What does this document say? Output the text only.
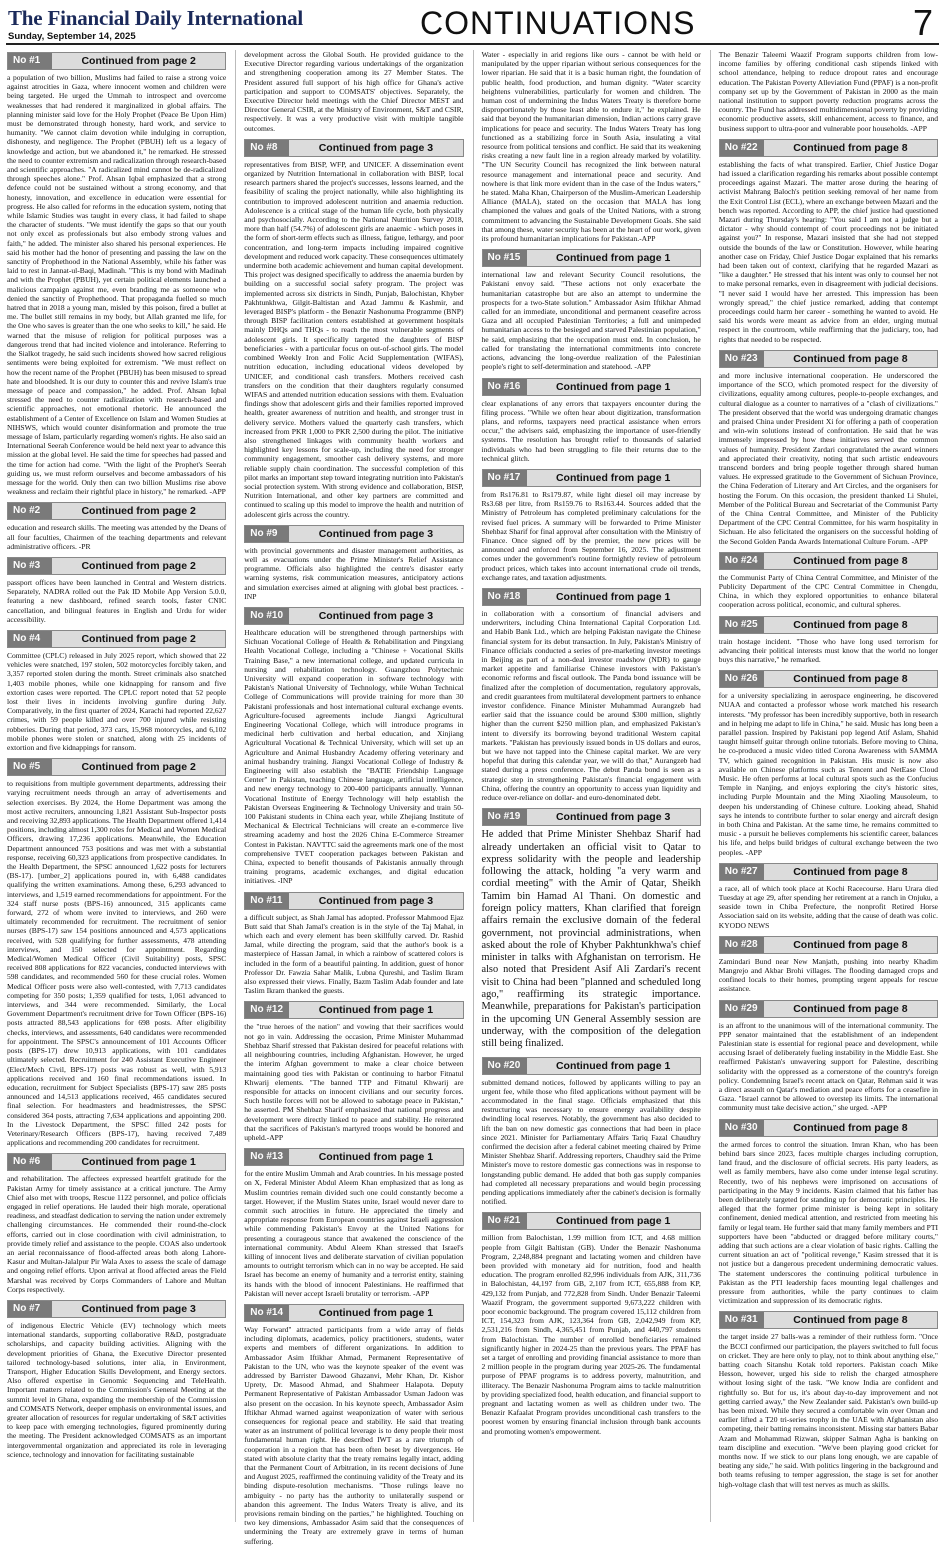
The Financial Daily International
Sunday, September 14, 2025	CONTINUATIONS	7
No #1	Continued from page 2

a population of two billion, Muslims had failed to raise a strong voice against atrocities in Gaza, where innocent women and children were being targeted. He urged the Ummah to introspect and overcome weaknesses that had rendered it marginalized in global affairs. The planning minister said love for the Holy Prophet (Peace Be Upon Him) must be demonstrated through honesty, hard work, and service to humanity. "We cannot claim devotion while indulging in corruption, dishonesty, and negligence. The Prophet (PBUH) left us a legacy of knowledge and action, but we abandoned it," he remarked. He stressed the need to counter extremism and radicalization through research-based and scientific approaches. "A radicalized mind cannot be de-radicalized through speeches alone." Prof. Ahsan Iqbal emphasized that a strong defence could not be sustained without a strong economy, and that honesty, innovation, and excellence in education were essential for progress. He also called for reforms in the education system, noting that while Islamic Studies was taught in every class, it had failed to shape the character of students. "We must identify the gaps so that our youth not only excel as professionals but also embody strong values and faith," he added. The minister also shared his personal experiences. He said his mother had the honor of presenting and passing the law on the sanctity of Prophethood in the National Assembly, while his father was laid to rest in Jannat-ul-Baqi, Madinah. "This is my bond with Madinah and with the Prophet (PBUH), yet certain political elements launched a malicious campaign against me, even branding me as someone who denied the sanctity of Prophethood. That propaganda fuelled so much hatred that in 2018 a young man, misled by this poison, fired a bullet at me. The bullet still remains in my body, but Allah granted me life, for the One who saves is greater than the one who seeks to kill," he said. He warned that the misuse of religion for political purposes was a dangerous trend that had incited violence and intolerance. Referring to the Sialkot tragedy, he said such incidents showed how sacred religious sentiments were being exploited for extremism. "We must reflect on how the recent name of the Prophet (PBUH) has been misused to spread hate and bloodshed. It is our duty to counter this and revive Islam's true message of peace and compassion," he added. Prof. Ahsan Iqbal stressed the need to counter radicalization with research-based and scientific approaches, not emotional rhetoric. He announced the establishment of a Center of Excellence on Islam and Women Studies at NIHSWS, which would counter disinformation and promote the true message of Islam, particularly regarding women's rights. He also said an International Seerah Conference would be held next year to advance this mission at the global level. He said the time for speeches had passed and the time for action had come. "With the light of the Prophet's Seerah guiding us, we must reform ourselves and become ambassadors of his message for the world. Only then can two billion Muslims rise above weakness and reclaim their rightful place in history," he remarked. -APP

No #2	Continued from page 2

education and research skills. The meeting was attended by the Deans of all four faculties, Chairmen of the teaching departments and relevant administrative officers. -PR

No #3	Continued from page 2

passport offices have been launched in Central and Western districts. Separately, NADRA rolled out the Pak ID Mobile App Version 5.0.0, featuring a new dashboard, refined search tools, faster CNIC cancellation, and bilingual features in English and Urdu for wider accessibility.

No #4	Continued from page 2

Committee (CPLC) released in July 2025 report, which showed that 22 vehicles were snatched, 197 stolen, 502 motorcycles forcibly taken, and 3,357 reported stolen during the month. Street criminals also snatched 1,403 mobile phones, while one kidnapping for ransom and five extortion cases were reported. The CPLC report noted that 52 people lost their lives in incidents involving gunfire during July. Comparatively, in the first quarter of 2024, Karachi had reported 22,627 crimes, with 59 people killed and over 700 injured while resisting robberies. During that period, 373 cars, 15,968 motorcycles, and 6,102 mobile phones were stolen or snatched, along with 25 incidents of extortion and five kidnappings for ransom.

No #5	Continued from page 2

to requisitions from multiple government departments, addressing their varying recruitment needs through an array of advertisements and selection exercises. By 2024, the Home Department was among the most active recruiters, announcing 1,821 Assistant Sub-Inspector posts and receiving 32,893 applications. The Health Department offered 1,414 positions, including almost 1,300 roles for Medical and Women Medical Officers, drawing 17,236 applications. Meanwhile, the Education Department announced 753 positions and was met with a substantial response, receiving 60,323 applications from prospective candidates. In the Health Department, the SPSC announced 1,622 posts for lecturers (BS-17). [umber_2] applications poured in, with 6,488 candidates qualifying the written examinations. Among these, 6,293 advanced to interviews, and 1,519 earned recommendations for appointment. For the 324 staff nurse posts (BPS-16) announced, 315 applicants came forward, 272 of whom were invited to interviews, and 260 were ultimately recommended for recruitment. The recruitment of senior nurses (BPS-17) saw 154 positions announced and 4,573 applications received, with 528 qualifying for further assessments, 478 attending interviews, and 150 selected for appointment. Regarding Medical/Women Medical Officer (Civil Suitability) posts, SPSC received 808 applications for 822 vacancies, conducted interviews with 598 candidates, and recommended 560 for these crucial roles. Women Medical Officer posts were also well-contested, with 7,713 candidates competing for 350 posts; 1,359 qualified for tests, 1,061 advanced to interviews, and 344 were recommended. Similarly, the Local Government Department's recruitment drive for Town Officer (BPS-16) posts attracted 88,543 applications for 698 posts. After eligibility checks, interviews, and assessments, 640 candidates were recommended for appointment. The SPSC's announcement of 101 Accounts Officer posts (BPS-17) drew 10,913 applications, with 101 candidates ultimately selected. Recruitment for 240 Assistant Executive Engineer (Elect/Mech Civil, BPS-17) posts was robust as well, with 5,913 applications received and 160 final recommendations issued. In education, recruitment for Subject Specialists (BPS-17) saw 285 posts announced and 14,513 applications received, 465 candidates secured final selection. For headmasters and headmistresses, the SPSC considered 364 posts, attracting 7,634 applications and appointing 200. In the Livestock Department, the SPSC filled 242 posts for Veterinary/Research Officers (BPS-17), having received 7,489 applications and recommending 200 candidates for recruitment.

No #6	Continued from page 1

and rehabilitation. The affectees expressed heartfelt gratitude for the Pakistan Army for timely assistance at a critical juncture. The Army Chief also met with troops, Rescue 1122 personnel, and police officials engaged in relief operations. He lauded their high morale, operational readiness, and steadfast dedication to serving the nation under extremely challenging circumstances. He commended their round-the-clock efforts, carried out in close coordination with civil administration, to provide timely relief and assistance to the people. COAS also undertook an aerial reconnaissance of flood-affected areas both along Lahore-Kasur and Multan-Jalalpur Pir Wala Axes to assess the scale of damage and ongoing relief efforts. Upon arrival at flood affected areas the Field Marshal was received by Corps Commanders of Lahore and Multan Corps respectively.

No #7	Continued from page 3

of indigenous Electric Vehicle (EV) technology which meets international standards, supporting collaborative R&D, postgraduate scholarships, and capacity building activities. Aligning with the development priorities of Ghana, the Executive Director presented tailored technology-based solutions, inter alia, in Environment, Transport, Higher Education Skills Development, and Energy sectors. Also offered expertise in Genomic Sequencing and TeleHealth. Important matters related to the Commission's General Meeting at the summit level in Ghana, expanding the membership of the Commission and COMSATS Network, deeper emphasis on environmental issues, and greater allocation of resources for regular undertaking of S&T activities to keep pace with emerging technologies, figured prominently during the meeting. The President acknowledged COMSATS as an important intergovernmental organization and appreciated its role in leveraging science, technology and innovation for facilitating sustainable

development across the Global South. He provided guidance to the Executive Director regarding various undertakings of the organization and strengthening cooperation among its 27 Member States. The President assured full support of his high office for Ghana's active participation and support to COMSATS' objectives. Separately, the Executive Director held meetings with the Chief Director MEST and Director General CSIR, at the Ministry of Environment, S&T and CSIR, respectively. It was a very productive visit with multiple tangible outcomes.

No #8	Continued from page 3

representatives from BISP, WFP, and UNICEF. A dissemination event organized by Nutrition International in collaboration with BISP, local research partners shared the project's successes, lessons learned, and the feasibility of scaling the project nationally, while also highlighting its contribution to improved adolescent nutrition and anaemia reduction. Adolescence is a critical stage of the human life cycle, both physically and psychosocially. According to the National Nutrition Survey 2018, more than half (54.7%) of adolescent girls are anaemic - which poses in the form of short-term effects such as illness, fatigue, lethargy, and poor concentration, and long-term impacts including impaired cognitive development and reduced work capacity. These consequences ultimately undermine both academic achievement and human capital development. This project was designed specifically to address the anaemia burden by building on a successful social safety program. The project was implemented across six districts in Sindh, Punjab, Balochistan, Khyber Pakhtunkhwa, Gilgit-Baltistan and Azad Jammu & Kashmir, and leveraged BISP's platform - the Benazir Nashonuma Programme (BNP) through BISP facilitation centers established at government hospitals mainly DHQs and THQs - to reach the most vulnerable segments of adolescent girls. It specifically targeted the daughters of BISP beneficiaries - with a particular focus on out-of-school girls. The model combined Weekly Iron and Folic Acid Supplementation (WIFAS), nutrition education, including educational videos developed by UNICEF, and conditional cash transfers. Mothers received cash transfers on the condition that their daughters regularly consumed WIFAS and attended nutrition education sessions with them. Evaluation findings show that adolescent girls and their families reported improved health, greater awareness of nutrition and health, and stronger trust in delivery service. Mothers valued the quarterly cash transfers, which increased from PKR 1,000 to PKR 2,500 during the pilot. The initiative also strengthened linkages with community health workers and highlighted key lessons for scale-up, including the need for stronger community engagement, smoother cash delivery systems, and more reliable supply chain coordination. The successful completion of this pilot marks an important step toward integrating nutrition into Pakistan's social protection system. With strong evidence and collaboration, BISP, Nutrition International, and other key partners are committed and continued to scaling up this model to improve the health and nutrition of adolescent girls across the country.

No #9	Continued from page 3

with provincial governments and disaster management authorities, as well as evacuations under the Prime Minister's Relief Assistance programme. Officials also highlighted the centre's disaster early warning systems, risk communication measures, anticipatory actions and simulation exercises aimed at aligning with global best practices. -INP

No #10	Continued from page 3

Healthcare education will be strengthened through partnerships with Sichuan Vocational College of Health & Rehabilitation and Pingxiang Health Vocational College, including a "Chinese + Vocational Skills Training Base," a new international college, and updated curricula in nursing and rehabilitation technology. Guangzhou Polytechnic University will expand cooperation in software technology with Pakistan's National University of Technology, while Wuhan Technical College of Communications will provide training for more than 30 Pakistani professionals and host international cultural exchange events. Agriculture-focused agreements include Jiangxi Agricultural Engineering Vocational College, which will introduce programs in medicinal herb cultivation and herbal education, and Xinjiang Agricultural Vocational & Technical University, which will set up an Agriculture and Animal Husbandry Academy offering veterinary and animal husbandry training. Jiangxi Vocational College of Industry & Engineering will also establish the "BATIE Friendship Language Center" in Pakistan, teaching Chinese language, artificial intelligence, and new energy technology to 200-400 participants annually. Yunnan Vocational Institute of Energy Technology will help establish the Pakistan Overseas Engineering & Technology University and train 50-100 Pakistani students in China each year, while Zhejiang Institute of Mechanical & Electrical Technicians will create an e-commerce live streaming academy and host the 2026 China E-Commerce Streamer Contest in Pakistan. NAVTTC said the agreements mark one of the most comprehensive TVET cooperation packages between Pakistan and China, expected to benefit thousands of Pakistanis annually through training programs, academic exchanges, and digital education initiatives. -INP

No #11	Continued from page 3

a difficult subject, as Shah Jamal has adopted. Professor Mahmood Ejaz Butt said that Shah Jamal's creation is in the style of the Taj Mahal, in which each and every element has been skillfully carved. Dr. Rashid Jamal, while directing the program, said that the author's book is a masterpiece of Hassan Jamal, in which a rainbow of scattered colors is included in the form of a beautiful painting. In addition, guest of honor Professor Dr. Fawzia Sahar Malik, Lubna Qureshi, and Taslim Ikram also expressed their views. Finally, Bazm Taslim Adab founder and late Taslim Ikram thanked the guests.

No #12	Continued from page 1

the "true heroes of the nation" and vowing that their sacrifices would not go in vain. Addressing the occasion, Prime Minister Muhammad Shehbaz Sharif stressed that Pakistan desired for peaceful relations with all neighbouring countries, including Afghanistan. However, he urged the interim Afghan government to make a clear choice between maintaining good ties with Pakistan or continuing to harbor Fitnatul Khwarij elements. "The banned TTP and Fitnatul Khwarij are responsible for attacks on innocent civilians and our security forces. Such hostile forces will not be allowed to sabotage peace in Pakistan," he asserted. PM Shehbaz Sharif emphasized that national progress and development were directly linked to peace and stability. He reiterated that the sacrifices of Pakistan's martyred troops would be honored and upheld.-APP

No #13	Continued from page 1

for the entire Muslim Ummah and Arab countries. In his message posted on X, Federal Minister Abdul Aleem Khan emphasized that as long as Muslim countries remain divided such one could constantly become a target. However, if the Muslim States unite, Israel would never dare to commit such atrocities in future. He appreciated the timely and appropriate response from European countries against Israeli aggression while commending Pakistan's Envoy at the United Nations for presenting a courageous stance that awakened the conscience of the international community. Abdul Aleem Khan stressed that Israel's killing of innocent lives and deliberate starvation of civilian population amounts to outright terrorism which can in no way be accepted. He said Israel has become an enemy of humanity and a terrorist entity, staining its hands with the blood of innocent Palestinians. He reaffirmed that Pakistan will never accept Israeli brutality or terrorism. -APP

No #14	Continued from page 1

Way Forward" attracted participants from a wide array of fields including diplomats, academics, policy practitioners, students, water experts and members of different organizations. In addition to Ambassador Asim Iftikhar Ahmad, Permanent Representative of Pakistan to the UN, who was the keynote speaker of the event was addressed by Barrister Dawood Ghazanvi, Mehr Khan, Dr. Kishor Uprety, Dr. Masood Ahmad, and Shahmeer Halapota. Deputy Permanent Representative of Pakistan Ambassador Usman Jadoon was also present on the occasion. In his keynote speech, Ambassador Asim Iftikhar Ahmad warned against weaponization of water with serious consequences for regional peace and stability. He said that treating water as an instrument of political leverage is to deny people their most fundamental human right. He described IWT as a rare triumph of cooperation in a region that has been often beset by divergences. He stated with absolute clarity that the treaty remains legally intact, adding that the Permanent Court of Arbitration, in its recent decisions of June and August 2025, reaffirmed the continuing validity of the Treaty and its binding dispute-resolution mechanisms. "Those rulings leave no ambiguity - no party has the authority to unilaterally suspend or abandon this agreement. The Indus Waters Treaty is alive, and its provisions remain binding on the parties," he highlighted. Touching on two key dimensions, Ambassador Asim said that the consequences of undermining the Treaty are extremely grave in terms of human suffering.

Water - especially in arid regions like ours - cannot be with held or manipulated by the upper riparian without serious consequences for the lower riparian. He said that it is a basic human right, the foundation of public health, food production, and human dignity. "Water scarcity heightens vulnerabilities, particularly for women and children. The human cost of undermining the Indus Waters Treaty is therefore borne disproportionately by those least able to endure it," he explained. He said that beyond the humanitarian dimension, Indian actions carry grave implications for peace and security. The Indus Waters Treaty has long functioned as a stabilizing force in South Asia, insulating a vital resource from political tensions and conflict. He said that its weakening risks creating a new fault line in a region already marked by volatility. "The UN Security Council has recognized the link between natural resource management and international peace and security. And nowhere is that link more evident than in the case of the Indus waters," he stated. Maha Khan, Chairperson of the Muslim-American Leadership Alliance (MALA), stated on the occasion that MALA has long championed the values and goals of the United Nations, with a strong commitment to advancing the Sustainable Development Goals. She said that among these, water security has been at the heart of our work, given its profound humanitarian implications for Pakistan.-APP

No #15	Continued from page 1

international law and relevant Security Council resolutions, the Pakistani envoy said. "These actions not only exacerbate the humanitarian catastrophe but are also an attempt to undermine the prospects for a two-State solution." Ambassador Asim Iftikhar Ahmad called for an immediate, unconditional and permanent ceasefire across Gaza and all occupied Palestinian Territories; a full and unimpeded humanitarian access to the besieged and starved Palestinian population," he said, emphasizing that the occupation must end. In conclusion, he called for translating the international commitments into concrete actions, advancing the long-overdue realization of the Palestinian people's right to self-determination and statehood. -APP

No #16	Continued from page 1

clear explanations of any errors that taxpayers encounter during the filing process. "While we often hear about digitization, transformation plans, and reforms, taxpayers need practical assistance when errors occur," the advisers said, emphasizing the importance of user-friendly systems. The resolution has brought relief to thousands of salaried individuals who had been struggling to file their returns due to the technical glitch.

No #17	Continued from page 1

from Rs176.81 to Rs179.87, while light diesel oil may increase by Rs3.68 per litre, from Rs159.76 to Rs163.44. Sources added that the Ministry of Petroleum has completed preliminary calculations for the revised fuel prices. A summary will be forwarded to Prime Minister Shehbaz Sharif for final approval after consultation with the Ministry of Finance. Once signed off by the premier, the new prices will be announced and enforced from September 16, 2025. The adjustment comes under the government's routine fortnightly review of petroleum product prices, which takes into account international crude oil trends, exchange rates, and taxation adjustments.

No #18	Continued from page 1

in collaboration with a consortium of financial advisers and underwriters, including China International Capital Corporation Ltd. and Habib Bank Ltd., which are helping Pakistan navigate the Chinese financial system for its debut transaction. In July, Pakistan's Ministry of Finance officials conducted a series of pre-marketing investor meetings in Beijing as part of a non-deal investor roadshow (NDR) to gauge market appetite and familiarise Chinese investors with Pakistan's economic reforms and fiscal outlook. The Panda bond issuance will be finalized after the completion of documentation, regulatory approvals, and credit guarantees from multilateral development partners to enhance investor confidence. Finance Minister Muhammad Aurangzeb had earlier said that the issuance could be around $300 million, slightly higher than the current $250 million plan, and emphasized Pakistan's intent to diversify its borrowing beyond traditional Western capital markets. "Pakistan has previously issued bonds in US dollars and euros, but we have not tapped into the Chinese capital market. We are very hopeful that during this calendar year, we will do that," Aurangzeb had stated during a press conference. The debut Panda bond is seen as a strategic step in strengthening Pakistan's financial engagement with China, offering the country an opportunity to access yuan liquidity and reduce over-reliance on dollar- and euro-denominated debt.

No #19	Continued from page 3

He added that Prime Minister Shehbaz Sharif had already undertaken an official visit to Qatar to express solidarity with the people and leadership following the attack, holding "a very warm and cordial meeting" with the Amir of Qatar, Sheikh Tamim bin Hamad Al Thani. On domestic and foreign policy matters, Khan clarified that foreign affairs remain the exclusive domain of the federal government, not provincial administrations, when asked about the role of Khyber Pakhtunkhwa's chief minister in talks with Afghanistan on terrorism. He also noted that President Asif Ali Zardari's recent visit to China had been "planned and scheduled long ago," reaffirming its strategic importance. Meanwhile, preparations for Pakistan's participation in the upcoming UN General Assembly session are underway, with the composition of the delegation still being finalized.

No #20	Continued from page 1

submitted demand notices, followed by applicants willing to pay an urgent fee, while those who filed applications without payment will be accommodated in the final stage. Officials emphasized that this restructuring was necessary to ensure energy availability despite dwindling local reserves. Notably, the government has also decided to lift the ban on new domestic gas connections that had been in place since 2021. Minister for Parliamentary Affairs Tariq Fazal Chaudhry confirmed the decision after a federal cabinet meeting chaired by Prime Minister Shehbaz Sharif. Addressing reporters, Chaudhry said the Prime Minister's move to restore domestic gas connections was in response to longstanding public demand. He added that both gas supply companies had completed all necessary preparations and would begin processing pending applications immediately after the cabinet's decision is formally notified.

No #21	Continued from page 1

million from Balochistan, 1.99 million from ICT, and 4.68 million people from Gilgit Baltistan (GB). Under the Benazir Nashonuma Program, 2,248,884 pregnant and lactating women and children have been provided with monetary aid for nutrition, food and health education. The program enrolled 82,996 individuals from AJK, 311,736 in Balochistan, 44,197 from GB, 2,107 from ICT, 655,888 from KP, 429,132 from Punjab, and 772,828 from Sindh. Under Benazir Taleemi Waazif Program, the government supported 9,673,222 children with poor economic background. The program covered 15,112 children from ICT, 154,323 from AJK, 123,364 from GB, 2,042,949 from KP, 2,531,216 from Sindh, 4,365,451 from Punjab, and 440,797 students from Balochistan. The number of enrolled beneficiaries remained significantly higher in 2024-25 than the previous years. The PPAF has set a target of enrolling and providing financial assistance to more than 2 million people in the program during year 2025-26. The fundamental purpose of PPAF programs is to address poverty, malnutrition, and illiteracy. The Benazir Nashonuma Program aims to tackle malnutrition by providing specialized food, health education, and financial support to pregnant and lactating women as well as children under two. The Benazir Kafaalat Program provides unconditional cash transfers to the poorest women by ensuring financial inclusion through bank accounts and promoting women's empowerment.

The Benazir Taleemi Waazif Program supports children from low-income families by offering conditional cash stipends linked with school attendance, helping to reduce dropout rates and encourage education. The Pakistan Poverty Alleviation Fund (PPAF) is a non-profit company set up by the Government of Pakistan in 2000 as the main national institution to support poverty reduction programs across the country. The Fund has addressed multidimensional poverty by providing economic productive assets, skill enhancement, access to finance, and business support to ultra-poor and vulnerable poor households. -APP

No #22	Continued from page 8

establishing the facts of what transpired. Earlier, Chief Justice Dogar had issued a clarification regarding his remarks about possible contempt proceedings against Mazari. The matter arose during the hearing of activist Mahrang Baloch's petition seeking removal of her name from the Exit Control List (ECL), where an exchange between Mazari and the bench was reported. According to APP, the chief justice had questioned Mazari during Thursday's hearing: "You said I am not a judge but a dictator - why should contempt of court proceedings not be initiated against you?" In response, Mazari insisted that she had not stepped outside the bounds of the law or Constitution. However, while hearing another case on Friday, Chief Justice Dogar explained that his remarks had been taken out of context, clarifying that he regarded Mazari as "like a daughter." He stressed that his intent was only to counsel her not to make personal remarks, even in disagreement with judicial decisions. "I never said I would have her arrested. This impression has been wrongly spread," the chief justice remarked, adding that contempt proceedings could harm her career - something he wanted to avoid. He said his words were meant as advice from an elder, urging mutual respect in the courtroom, while reaffirming that the judiciary, too, had rights that needed to be respected.

No #23	Continued from page 8

and more inclusive international cooperation. He underscored the importance of the SCO, which promoted respect for the diversity of civilizations, equality among cultures, people-to-people exchanges, and cultural dialogue as a counter to narratives of a "clash of civilizations." The president observed that the world was undergoing dramatic changes and praised China under President Xi for offering a path of cooperation and win-win solutions instead of confrontation. He said that he was immensely impressed by how these initiatives served the common values of humanity. President Zardari congratulated the award winners and appreciated their creativity, noting that such artistic endeavours transcend borders and bring people together through shared human values. He expressed gratitude to the Government of Sichuan Province, the China Federation of Literary and Art Circles, and the organisers for hosting the Forum. On this occasion, the president thanked Li Shulei, Member of the Political Bureau and Secretariat of the Communist Party of the China Central Committee, and Minister of the Publicity Department of the CPC Central Committee, for his warm hospitality in Sichuan. He also felicitated the organisers on the successful holding of the Second Golden Panda Awards International Culture Forum. -APP

No #24	Continued from page 8

the Communist Party of China Central Committee, and Minister of the Publicity Department of the CPC Central Committee in Chengdu, China, in which they explored opportunities to enhance bilateral cooperation across political, economic, and cultural spheres.

No #25	Continued from page 8

train hostage incident. "Those who have long used terrorism for advancing their political interests must know that the world no longer buys this narrative," he remarked.

No #26	Continued from page 8

for a university specializing in aerospace engineering, he discovered NUAA and contacted a professor whose work matched his research interests. "My professor has been incredibly supportive, both in research and in helping me adapt to life in China," he said. Music has long been a parallel passion. Inspired by Pakistani pop legend Atif Aslam, Shahid taught himself guitar through online tutorials. Before moving to China, he co-produced a music video titled Corona Awareness with SAMMA TV, which gained recognition in Pakistan. His music is now also available on Chinese platforms such as Tencent and NetEase Cloud Music. He often performs at local cultural spots such as the Confucius Temple in Nanjing, and enjoys exploring the city's historic sites, including Purple Mountain and the Ming Xiaoling Mausoleum, to deepen his understanding of Chinese culture. Looking ahead, Shahid says he intends to contribute further to solar energy and aircraft design in both China and Pakistan. At the same time, he remains committed to music - a pursuit he believes complements his scientific career, balances his life, and helps build bridges of cultural exchange between the two peoples. -APP

No #27	Continued from page 8

a race, all of which took place at Kochi Racecourse. Haru Urara died Tuesday at age 29, after spending her retirement at a ranch in Onjuku, a seaside town in Chiba Prefecture, the nonprofit Retired Horse Association said on its website, adding that the cause of death was colic. KYODO NEWS

No #28	Continued from page 8

Zamindari Bund near New Manjath, pushing into nearby Khadim Mangrejo and Akbar Brohi villages. The flooding damaged crops and confined locals to their homes, prompting urgent appeals for rescue assistance.

No #29	Continued from page 8

is an affront to the unanimous will of the international community. The PPP senator maintained that the establishment of an independent Palestinian state is essential for regional peace and development, while accusing Israel of deliberately fueling instability in the Middle East. She reaffirmed Pakistan's unwavering support for Palestine, describing solidarity with the oppressed as a cornerstone of the country's foreign policy. Condemning Israel's recent attack on Qatar, Rehman said it was a direct assault on Qatar's mediation and peace efforts for a ceasefire in Gaza. "Israel cannot be allowed to overstep its limits. The international community must take decisive action," she urged. -APP

No #30	Continued from page 8

the armed forces to control the situation. Imran Khan, who has been behind bars since 2023, faces multiple charges including corruption, land fraud, and the disclosure of official secrets. His party leaders, as well as family members, have also come under intense legal scrutiny. Recently, two of his nephews were imprisoned on accusations of participating in the May 9 incidents. Kasim claimed that his father has been deliberately targeted for standing up for democratic principles. He alleged that the former prime minister is being kept in solitary confinement, denied medical attention, and restricted from meeting his family or legal team. He further said that many family members and PTI supporters have been "abducted or dragged before military courts," adding that such actions are a clear violation of basic rights. Calling the current situation an act of "political revenge," Kasim stressed that it is not justice but a dangerous precedent undermining democratic values. The statement underscores the continuing political turbulence in Pakistan as the PTI leadership faces mounting legal challenges and pressure from authorities, while the party continues to claim victimization and suppression of its democratic rights.

No #31	Continued from page 8

the target inside 27 balls-was a reminder of their ruthless form. "Once the BCCI confirmed our participation, the players switched to full focus on cricket. They are here only to play, not to think about anything else," batting coach Sitanshu Kotak told reporters. Pakistan coach Mike Hesson, however, urged his side to relish the charged atmosphere without losing sight of the task. "We know India are confident and rightfully so. But for us, it's about day-to-day improvement and not getting carried away," the New Zealander said. Pakistan's own build-up has been mixed. While they secured a comfortable win over Oman and earlier lifted a T20 tri-series trophy in the UAE with Afghanistan also competing, their batting remains inconsistent. Missing star batters Babar Azam and Mohammad Rizwan, skipper Salman Agha is banking on team discipline and execution. "We've been playing good cricket for months now. If we stick to our plans long enough, we are capable of beating any side," he said. With politics lingering in the background and both teams refusing to temper aggression, the stage is set for another high-voltage clash that will test nerves as much as skills.
